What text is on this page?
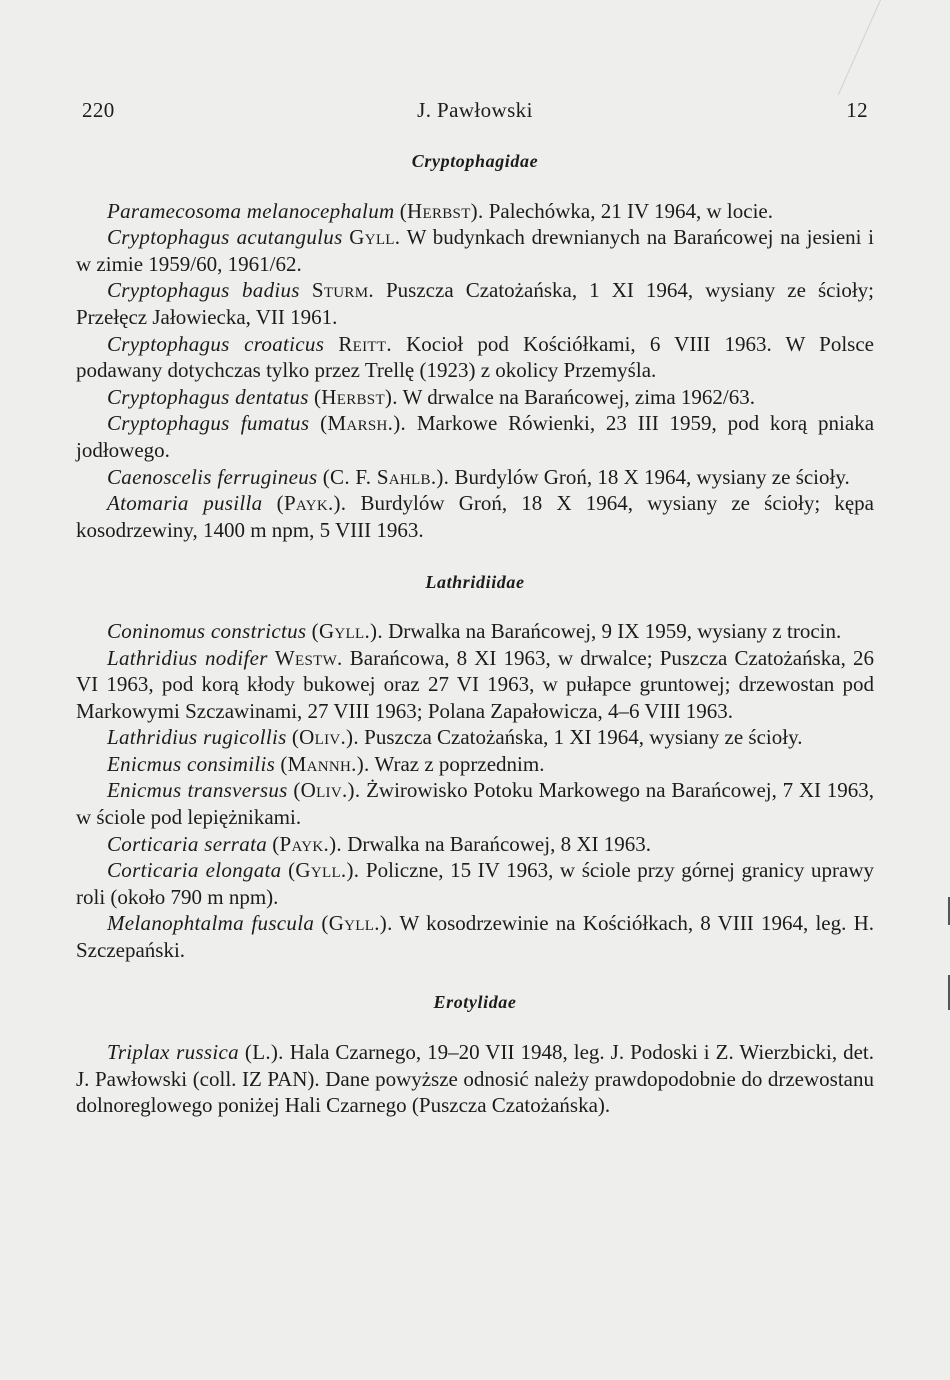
220	J. Pawłowski	12
Cryptophagidae

Paramecosoma melanocephalum (Herbst). Palechówka, 21 IV 1964, w locie.

Cryptophagus acutangulus Gyll. W budynkach drewnianych na Barańcowej na jesieni i w zimie 1959/60, 1961/62.

Cryptophagus badius Sturm. Puszcza Czatożańska, 1 XI 1964, wysiany ze ścioły; Przełęcz Jałowiecka, VII 1961.

Cryptophagus croaticus Reitt. Kocioł pod Kościółkami, 6 VIII 1963. W Polsce podawany dotychczas tylko przez Trellę (1923) z okolicy Przemyśla.

Cryptophagus dentatus (Herbst). W drwalce na Barańcowej, zima 1962/63.

Cryptophagus fumatus (Marsh.). Markowe Rówienki, 23 III 1959, pod korą pniaka jodłowego.

Caenoscelis ferrugineus (C. F. Sahlb.). Burdylów Groń, 18 X 1964, wysiany ze ścioły.

Atomaria pusilla (Payk.). Burdylów Groń, 18 X 1964, wysiany ze ścioły; kępa kosodrzewiny, 1400 m npm, 5 VIII 1963.

Lathridiidae

Coninomus constrictus (Gyll.). Drwalka na Barańcowej, 9 IX 1959, wysiany z trocin.

Lathridius nodifer Westw. Barańcowa, 8 XI 1963, w drwalce; Puszcza Czatożańska, 26 VI 1963, pod korą kłody bukowej oraz 27 VI 1963, w pułapce gruntowej; drzewostan pod Markowymi Szczawinami, 27 VIII 1963; Polana Zapałowicza, 4–6 VIII 1963.

Lathridius rugicollis (Oliv.). Puszcza Czatożańska, 1 XI 1964, wysiany ze ścioły.

Enicmus consimilis (Mannh.). Wraz z poprzednim.

Enicmus transversus (Oliv.). Żwirowisko Potoku Markowego na Barańcowej, 7 XI 1963, w ściole pod lepiężnikami.

Corticaria serrata (Payk.). Drwalka na Barańcowej, 8 XI 1963.

Corticaria elongata (Gyll.). Policzne, 15 IV 1963, w ściole przy górnej granicy uprawy roli (około 790 m npm).

Melanophtalma fuscula (Gyll.). W kosodrzewinie na Kościółkach, 8 VIII 1964, leg. H. Szczepański.

Erotylidae

Triplax russica (L.). Hala Czarnego, 19–20 VII 1948, leg. J. Podoski i Z. Wierzbicki, det. J. Pawłowski (coll. IZ PAN). Dane powyższe odnosić należy prawdopodobnie do drzewostanu dolnoreglowego poniżej Hali Czarnego (Puszcza Czatożańska).
